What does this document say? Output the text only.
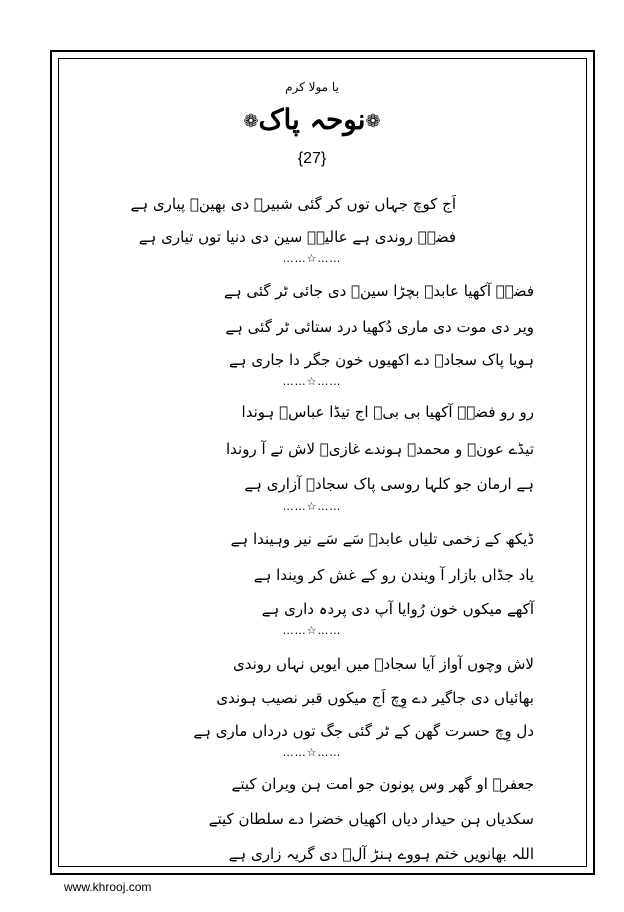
یا مولا کرم
❁نوحہ پاک❁
{27}
اَج کوچ جہاں توں کر گئی شبیرؑ دی بھینؑ پیاری ہے
فضہؑ روندی ہے عالیہؑ سین دی دنیا توں تیاری ہے
……☆……
فضہؑ آکھیا عابدؑ بچڑا سینؑ دی جائی ٹر گئی ہے
ویر دی موت دی ماری دُکھیا درد ستائی ٹر گئی ہے
ہویا پاک سجادؑ دے اکھیوں خون جگر دا جاری ہے
……☆……
رو رو فضہؑ آکھیا بی بیؑ اج تیڈا عباسؑ ہوندا
تیڈے عونؑ و محمدؑ ہوندے غازیؑ لاش تے آ روندا
ہے ارمان جو کلہا روسی پاک سجادؑ آزاری ہے
……☆……
ڈیکھ کے زخمی تلیاں عابدؑ سَے سَے نیر وہیندا ہے
یاد جڈاں بازار آ ویندن رو کے غش کر ویندا ہے
آکھے میکوں خون رُوایا آپ دی پردہ داری ہے
……☆……
لاش وچوں آواز آیا سجادؑ میں ایویں نہاں روندی
بھائیاں دی جاگیر دے وِچ اَج میکوں قبر نصیب ہوندی
دل وِچ حسرت گھن کے ٹر گئی جگ توں درداں ماری ہے
……☆……
جعفرؑ او گھر وس پونون جو امت ہن ویران کیتے
سکدیاں ہن حیدار دیاں اکھیاں خضرا دے سلطان کیتے
اللہ بھانویں ختم ہووے ہنڑ آلؑ دی گریہ زاری ہے
www.khrooj.com
